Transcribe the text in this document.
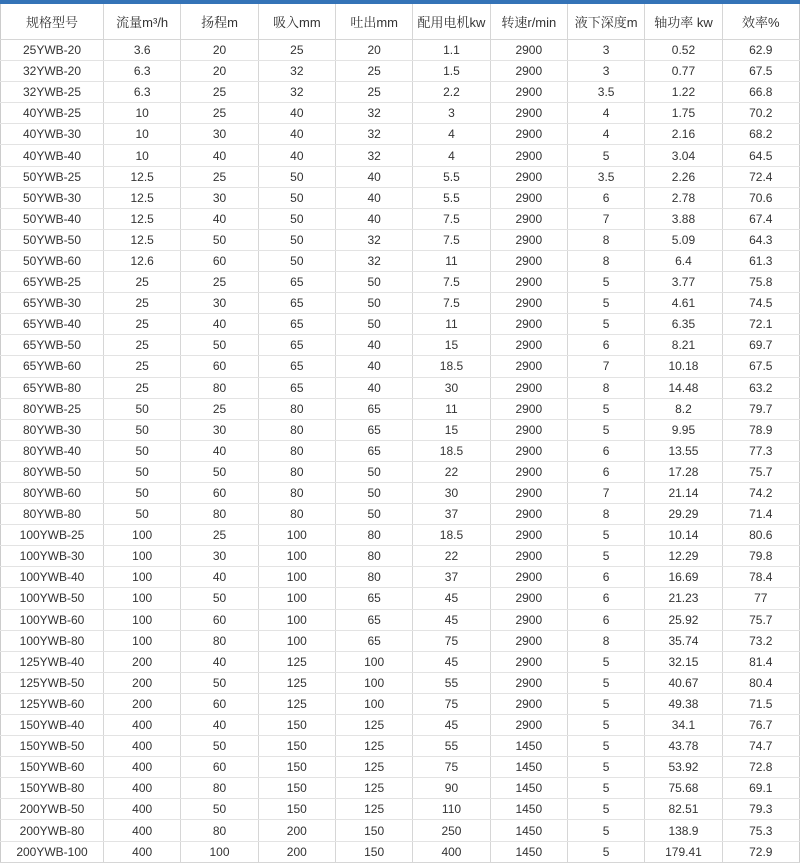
规格型号	流量m³/h	扬程m	吸入mm	吐出mm	配用电机kw	转速r/min	液下深度m	轴功率 kw	效率%
25YWB-20	3.6	20	25	20	1.1	2900	3	0.52	62.9
32YWB-20	6.3	20	32	25	1.5	2900	3	0.77	67.5
32YWB-25	6.3	25	32	25	2.2	2900	3.5	1.22	66.8
40YWB-25	10	25	40	32	3	2900	4	1.75	70.2
40YWB-30	10	30	40	32	4	2900	4	2.16	68.2
40YWB-40	10	40	40	32	4	2900	5	3.04	64.5
50YWB-25	12.5	25	50	40	5.5	2900	3.5	2.26	72.4
50YWB-30	12.5	30	50	40	5.5	2900	6	2.78	70.6
50YWB-40	12.5	40	50	40	7.5	2900	7	3.88	67.4
50YWB-50	12.5	50	50	32	7.5	2900	8	5.09	64.3
50YWB-60	12.6	60	50	32	11	2900	8	6.4	61.3
65YWB-25	25	25	65	50	7.5	2900	5	3.77	75.8
65YWB-30	25	30	65	50	7.5	2900	5	4.61	74.5
65YWB-40	25	40	65	50	11	2900	5	6.35	72.1
65YWB-50	25	50	65	40	15	2900	6	8.21	69.7
65YWB-60	25	60	65	40	18.5	2900	7	10.18	67.5
65YWB-80	25	80	65	40	30	2900	8	14.48	63.2
80YWB-25	50	25	80	65	11	2900	5	8.2	79.7
80YWB-30	50	30	80	65	15	2900	5	9.95	78.9
80YWB-40	50	40	80	65	18.5	2900	6	13.55	77.3
80YWB-50	50	50	80	50	22	2900	6	17.28	75.7
80YWB-60	50	60	80	50	30	2900	7	21.14	74.2
80YWB-80	50	80	80	50	37	2900	8	29.29	71.4
100YWB-25	100	25	100	80	18.5	2900	5	10.14	80.6
100YWB-30	100	30	100	80	22	2900	5	12.29	79.8
100YWB-40	100	40	100	80	37	2900	6	16.69	78.4
100YWB-50	100	50	100	65	45	2900	6	21.23	77
100YWB-60	100	60	100	65	45	2900	6	25.92	75.7
100YWB-80	100	80	100	65	75	2900	8	35.74	73.2
125YWB-40	200	40	125	100	45	2900	5	32.15	81.4
125YWB-50	200	50	125	100	55	2900	5	40.67	80.4
125YWB-60	200	60	125	100	75	2900	5	49.38	71.5
150YWB-40	400	40	150	125	45	2900	5	34.1	76.7
150YWB-50	400	50	150	125	55	1450	5	43.78	74.7
150YWB-60	400	60	150	125	75	1450	5	53.92	72.8
150YWB-80	400	80	150	125	90	1450	5	75.68	69.1
200YWB-50	400	50	150	125	110	1450	5	82.51	79.3
200YWB-80	400	80	200	150	250	1450	5	138.9	75.3
200YWB-100	400	100	200	150	400	1450	5	179.41	72.9
